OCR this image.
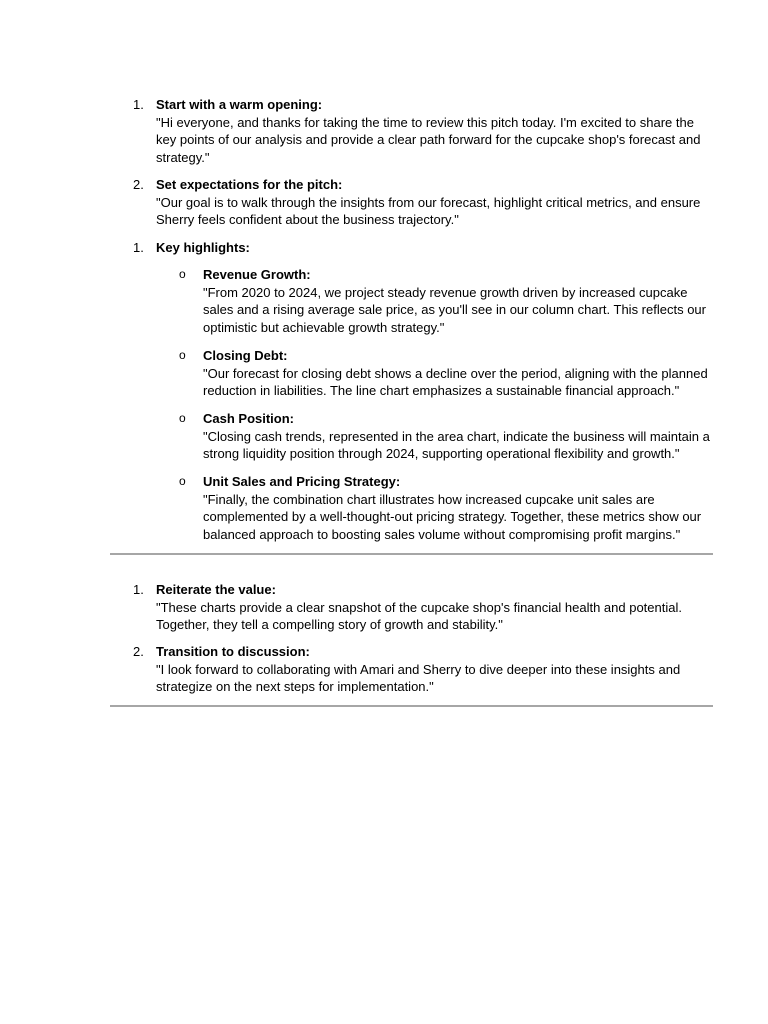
1. Start with a warm opening:
"Hi everyone, and thanks for taking the time to review this pitch today. I'm excited to share the key points of our analysis and provide a clear path forward for the cupcake shop's forecast and strategy."
2. Set expectations for the pitch:
"Our goal is to walk through the insights from our forecast, highlight critical metrics, and ensure Sherry feels confident about the business trajectory."
1. Key highlights:
o Revenue Growth:
"From 2020 to 2024, we project steady revenue growth driven by increased cupcake sales and a rising average sale price, as you'll see in our column chart. This reflects our optimistic but achievable growth strategy."
o Closing Debt:
"Our forecast for closing debt shows a decline over the period, aligning with the planned reduction in liabilities. The line chart emphasizes a sustainable financial approach."
o Cash Position:
"Closing cash trends, represented in the area chart, indicate the business will maintain a strong liquidity position through 2024, supporting operational flexibility and growth."
o Unit Sales and Pricing Strategy:
"Finally, the combination chart illustrates how increased cupcake unit sales are complemented by a well-thought-out pricing strategy. Together, these metrics show our balanced approach to boosting sales volume without compromising profit margins."
1. Reiterate the value:
"These charts provide a clear snapshot of the cupcake shop's financial health and potential. Together, they tell a compelling story of growth and stability."
2. Transition to discussion:
"I look forward to collaborating with Amari and Sherry to dive deeper into these insights and strategize on the next steps for implementation."
